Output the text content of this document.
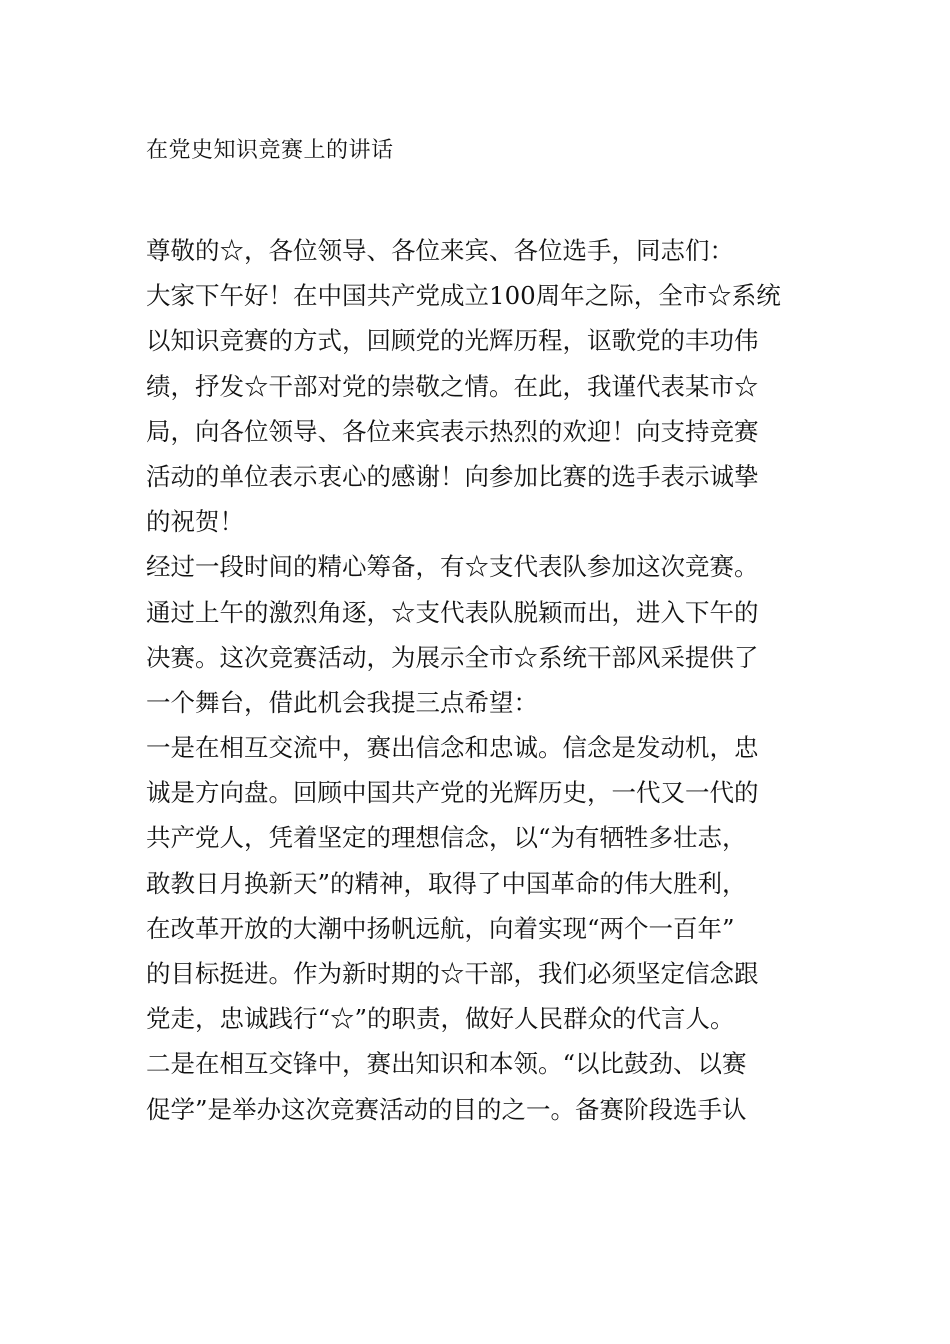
在党史知识竞赛上的讲话
尊敬的☆，各位领导、各位来宾、各位选手，同志们：
大家下午好！在中国共产党成立100周年之际，全市☆系统
以知识竞赛的方式，回顾党的光辉历程，讴歌党的丰功伟
绩，抒发☆干部对党的崇敬之情。在此，我谨代表某市☆
局，向各位领导、各位来宾表示热烈的欢迎！向支持竞赛
活动的单位表示衷心的感谢！向参加比赛的选手表示诚挚
的祝贺！
经过一段时间的精心筹备，有☆支代表队参加这次竞赛。
通过上午的激烈角逐，☆支代表队脱颖而出，进入下午的
决赛。这次竞赛活动，为展示全市☆系统干部风采提供了
一个舞台，借此机会我提三点希望：
一是在相互交流中，赛出信念和忠诚。信念是发动机，忠
诚是方向盘。回顾中国共产党的光辉历史，一代又一代的
共产党人，凭着坚定的理想信念，以“为有牺牲多壮志，
敢教日月换新天”的精神，取得了中国革命的伟大胜利，
在改革开放的大潮中扬帆远航，向着实现“两个一百年”
的目标挺进。作为新时期的☆干部，我们必须坚定信念跟
党走，忠诚践行“☆”的职责，做好人民群众的代言人。
二是在相互交锋中，赛出知识和本领。“以比鼓劲、以赛
促学”是举办这次竞赛活动的目的之一。备赛阶段选手认
